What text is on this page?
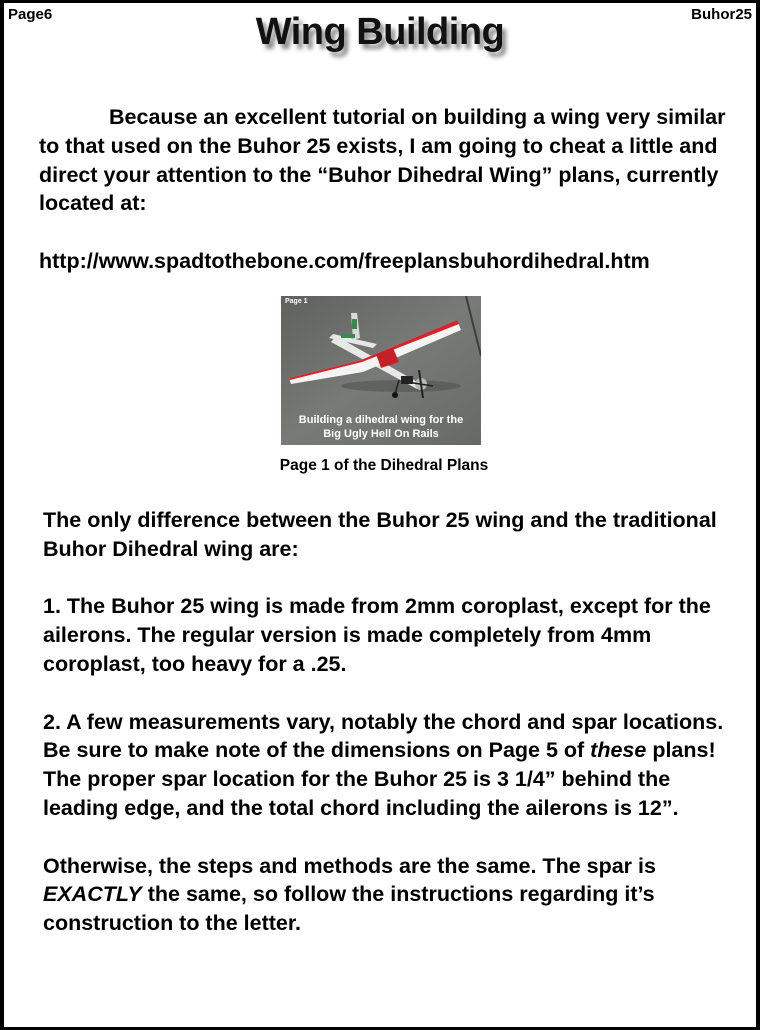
Page6	Buhor25
Wing Building
Because an excellent tutorial on building a wing very similar to that used on the Buhor 25 exists, I am going to cheat a little and direct your attention to the “Buhor Dihedral Wing” plans, currently located at:
http://www.spadtothebone.com/freeplansbuhordihedral.htm
Page 1
Building a dihedral wing for the
Big Ugly Hell On Rails
Page 1 of the Dihedral Plans

The only difference between the Buhor 25 wing and the traditional Buhor Dihedral wing are:

1. The Buhor 25 wing is made from 2mm coroplast, except for the ailerons. The regular version is made completely from 4mm coroplast, too heavy for a .25.

2. A few measurements vary, notably the chord and spar locations. Be sure to make note of the dimensions on Page 5 of these plans! The proper spar location for the Buhor 25 is 3 1/4” behind the leading edge, and the total chord including the ailerons is 12”.

Otherwise, the steps and methods are the same. The spar is EXACTLY the same, so follow the instructions regarding it’s construction to the letter.
